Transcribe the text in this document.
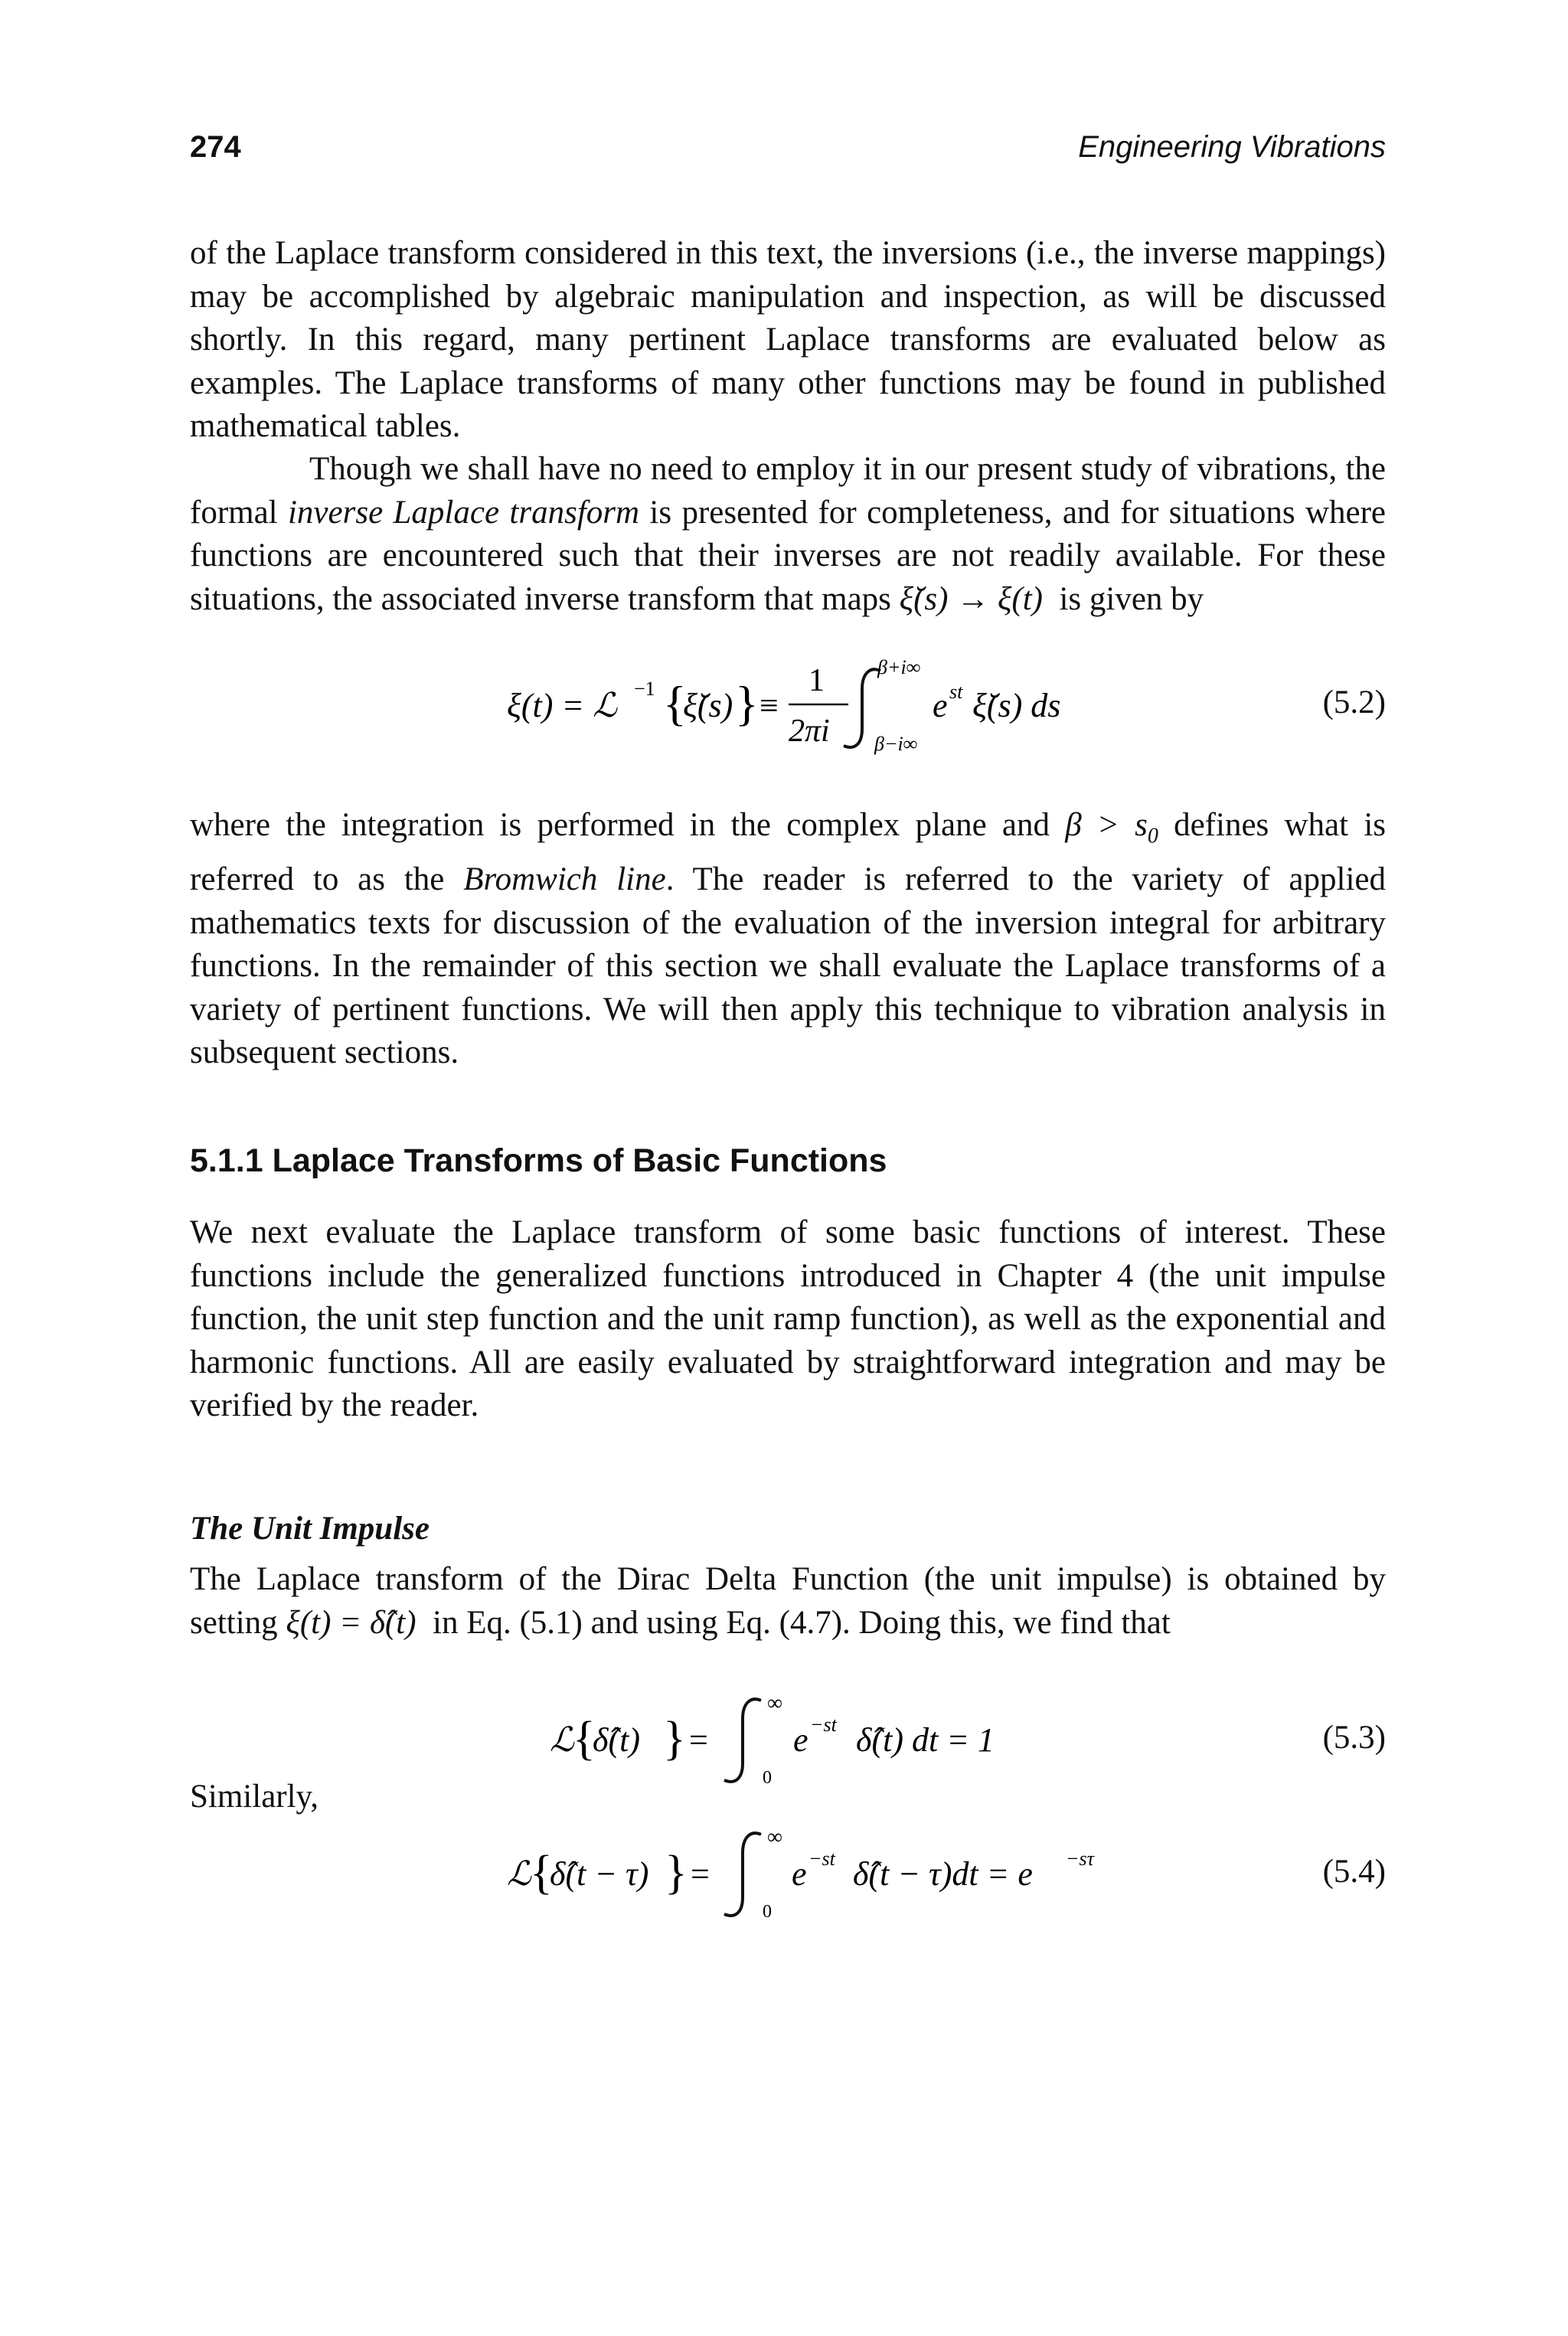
274	Engineering Vibrations

of the Laplace transform considered in this text, the inversions (i.e., the inverse mappings) may be accomplished by algebraic manipulation and inspection, as will be discussed shortly. In this regard, many pertinent Laplace transforms are evaluated below as examples. The Laplace transforms of many other functions may be found in published mathematical tables.

Though we shall have no need to employ it in our present study of vibrations, the formal inverse Laplace transform is presented for completeness, and for situations where functions are encountered such that their inverses are not readily available. For these situations, the associated inverse transform that maps ξ̆(s) → ξ(t)  is given by

ξ(t) = ℒ −1 {
ξ̆(s) } ≡
1
2πi
β+i∞
β−i∞
e st ξ̆(s) ds	(5.2)

where the integration is performed in the complex plane and $\beta > s_0$ defines what is referred to as the Bromwich line. The reader is referred to the variety of applied mathematics texts for discussion of the evaluation of the inversion integral for arbitrary functions. In the remainder of this section we shall evaluate the Laplace transforms of a variety of pertinent functions. We will then apply this technique to vibration analysis in subsequent sections.

5.1.1 Laplace Transforms of Basic Functions

We next evaluate the Laplace transform of some basic functions of interest. These functions include the generalized functions introduced in Chapter 4 (the unit impulse function, the unit step function and the unit ramp function), as well as the exponential and harmonic functions. All are easily evaluated by straightforward integration and may be verified by the reader.

The Unit Impulse

The Laplace transform of the Dirac Delta Function (the unit impulse) is obtained by setting ξ(t) = δ̂(t)  in Eq. (5.1) and using Eq. (4.7). Doing this, we find that

ℒ
{
δ̂(t) } =
∞
0
e −st δ̂(t) dt = 1	(5.3)
Similarly,
ℒ
{
δ̂(t − τ) } =
∞
0
e −st δ̂(t − τ)dt = e −sτ	(5.4)
